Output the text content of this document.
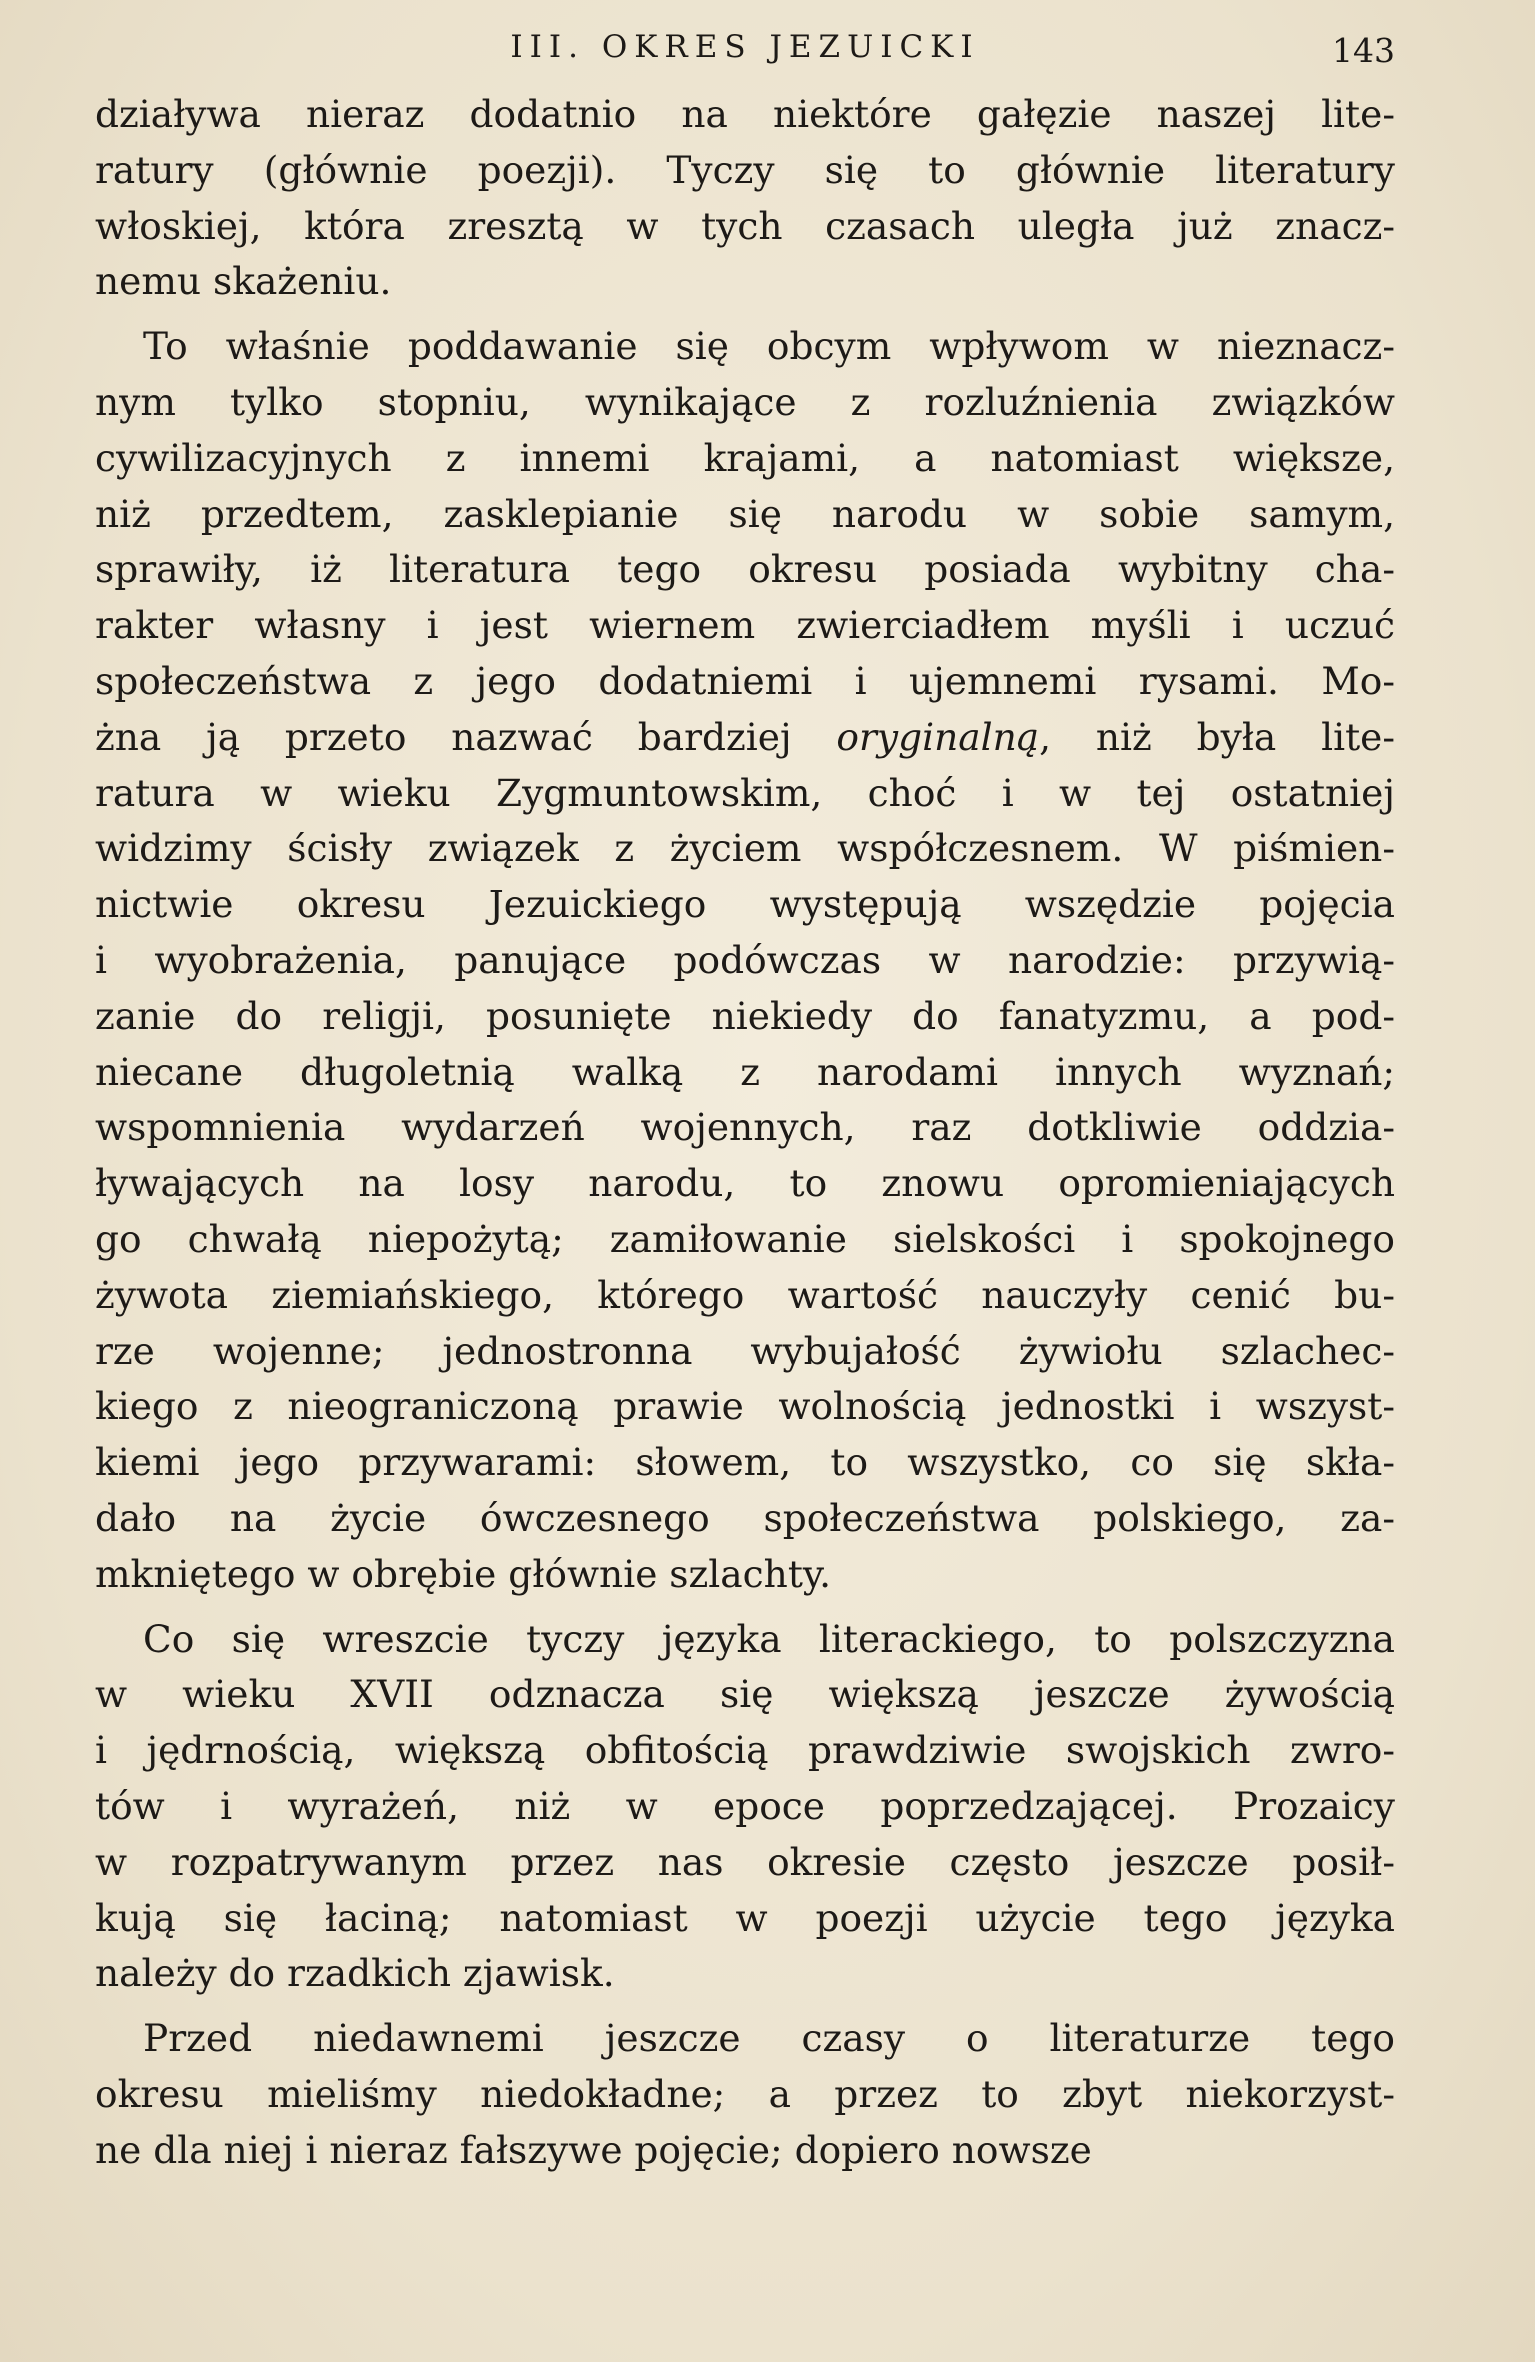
III. OKRES JEZUICKI	143
działywa nieraz dodatnio na niektóre gałęzie naszej lite-
ratury (głównie poezji). Tyczy się to głównie literatury
włoskiej, która zresztą w tych czasach uległa już znacz-
nemu skażeniu.
To właśnie poddawanie się obcym wpływom w nieznacz-
nym tylko stopniu, wynikające z rozluźnienia związków
cywilizacyjnych z innemi krajami, a natomiast większe,
niż przedtem, zasklepianie się narodu w sobie samym,
sprawiły, iż literatura tego okresu posiada wybitny cha-
rakter własny i jest wiernem zwierciadłem myśli i uczuć
społeczeństwa z jego dodatniemi i ujemnemi rysami. Mo-
żna ją przeto nazwać bardziej oryginalną, niż była lite-
ratura w wieku Zygmuntowskim, choć i w tej ostatniej
widzimy ścisły związek z życiem współczesnem. W piśmien-
nictwie okresu Jezuickiego występują wszędzie pojęcia
i wyobrażenia, panujące podówczas w narodzie: przywią-
zanie do religji, posunięte niekiedy do fanatyzmu, a pod-
niecane długoletnią walką z narodami innych wyznań;
wspomnienia wydarzeń wojennych, raz dotkliwie oddzia-
ływających na losy narodu, to znowu opromieniających
go chwałą niepożytą; zamiłowanie sielskości i spokojnego
żywota ziemiańskiego, którego wartość nauczyły cenić bu-
rze wojenne; jednostronna wybujałość żywiołu szlachec-
kiego z nieograniczoną prawie wolnością jednostki i wszyst-
kiemi jego przywarami: słowem, to wszystko, co się skła-
dało na życie ówczesnego społeczeństwa polskiego, za-
mkniętego w obrębie głównie szlachty.
Co się wreszcie tyczy języka literackiego, to polszczyzna
w wieku XVII odznacza się większą jeszcze żywością
i jędrnością, większą obfitością prawdziwie swojskich zwro-
tów i wyrażeń, niż w epoce poprzedzającej. Prozaicy
w rozpatrywanym przez nas okresie często jeszcze posił-
kują się łaciną; natomiast w poezji użycie tego języka
należy do rzadkich zjawisk.
Przed niedawnemi jeszcze czasy o literaturze tego
okresu mieliśmy niedokładne; a przez to zbyt niekorzyst-
ne dla niej i nieraz fałszywe pojęcie; dopiero nowsze
